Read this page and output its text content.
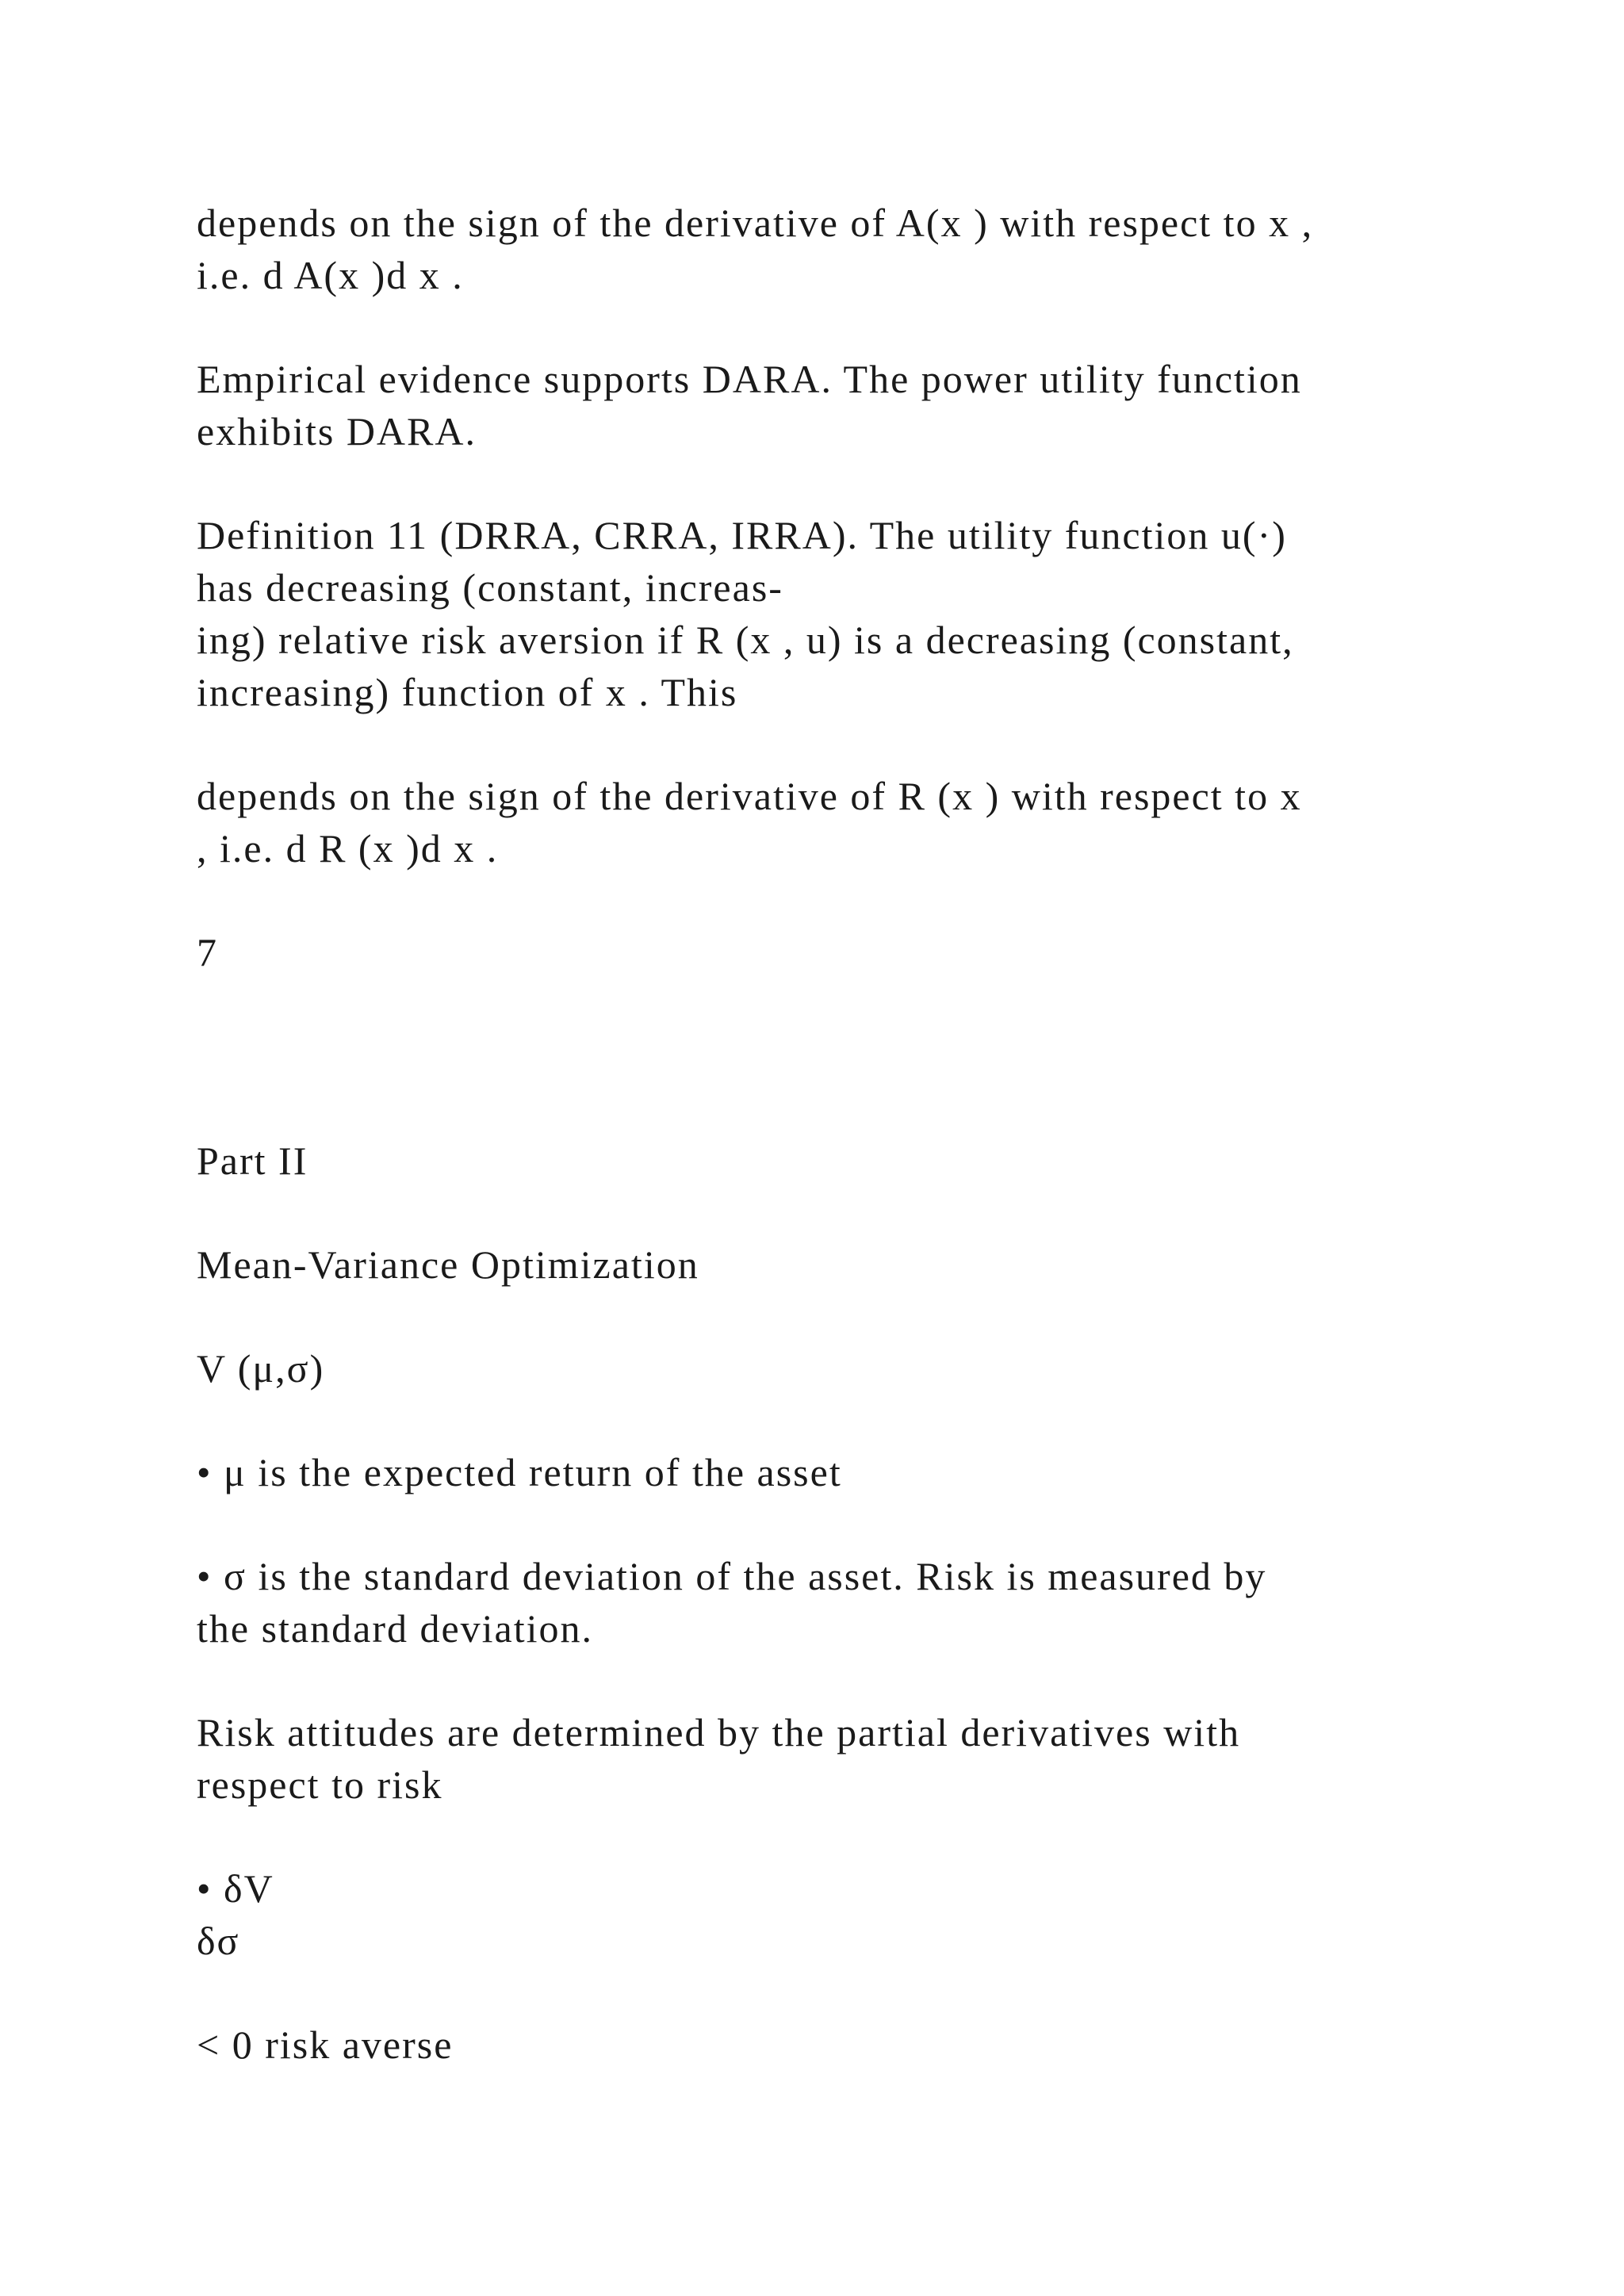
depends on the sign of the derivative of A(x ) with respect to x ,
i.e. d A(x )d x .
Empirical evidence supports DARA. The power utility function
exhibits DARA.
Definition 11 (DRRA, CRRA, IRRA). The utility function u(·)
has decreasing (constant, increas-
ing) relative risk aversion if R (x , u) is a decreasing (constant,
increasing) function of x . This
depends on the sign of the derivative of R (x ) with respect to x
, i.e. d R (x )d x .
7
Part II
Mean-Variance Optimization
V (μ,σ)
• μ is the expected return of the asset
• σ is the standard deviation of the asset. Risk is measured by
the standard deviation.
Risk attitudes are determined by the partial derivatives with
respect to risk
• δV
δσ
< 0 risk averse
